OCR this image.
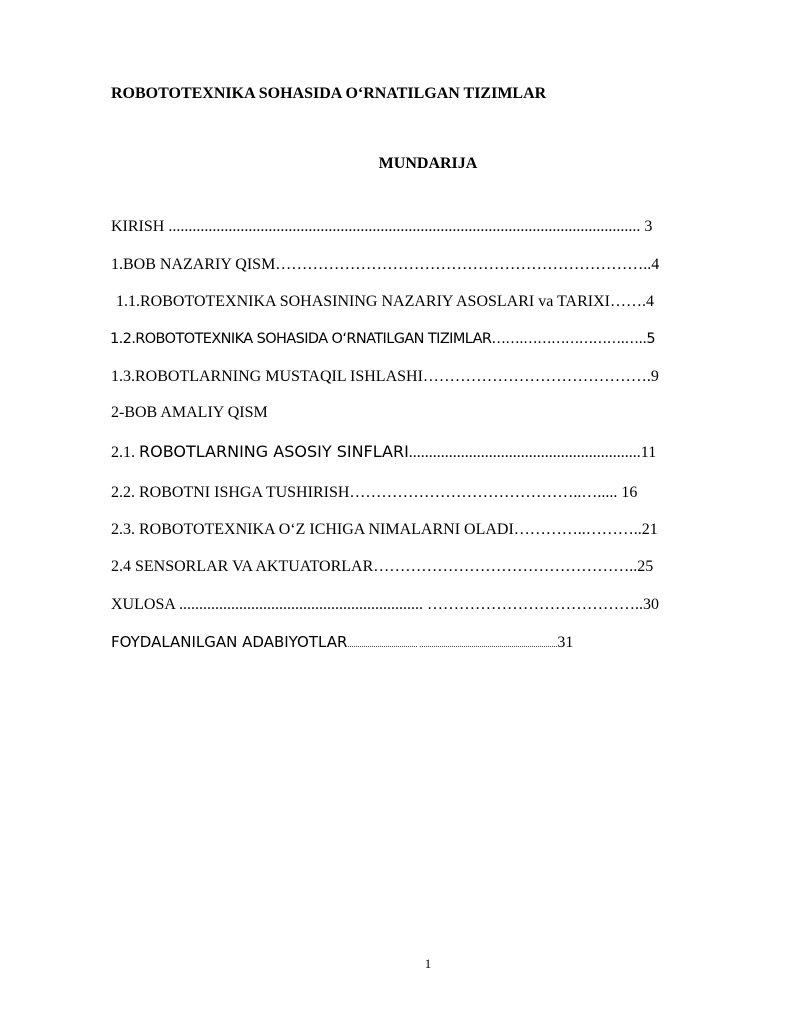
ROBOTOTEXNIKA SOHASIDA O‘RNATILGAN TIZIMLAR
MUNDARIJA
KIRISH ...................................................................................................................... 3
1.BOB NAZARIY QISM……………………………………………………………..4
1.1.ROBOTOTEXNIKA SOHASINING NAZARIY ASOSLARI va TARIXI…….4
1.2.ROBOTOTEXNIKA SOHASIDA O‘RNATILGAN TIZIMLAR…….………………….…..5
1.3.ROBOTLARNING MUSTAQIL ISHLASHI…………………………………….9
2-BOB AMALIY QISM
2.1. ROBOTLARNING ASOSIY SINFLARI..........................................................11
2.2. ROBOTNI ISHGA TUSHIRISH……………………………………..…..... 16
2.3. ROBOTOTEXNIKA O‘Z ICHIGA NIMALARNI OLADI…………..………..21
2.4 SENSORLAR VA AKTUATORLAR…………………………………………..25
XULOSA ............................................................. …………………………………..30
FOYDALANILGAN ADABIYOTLAR................................... .....................................................................31
1
